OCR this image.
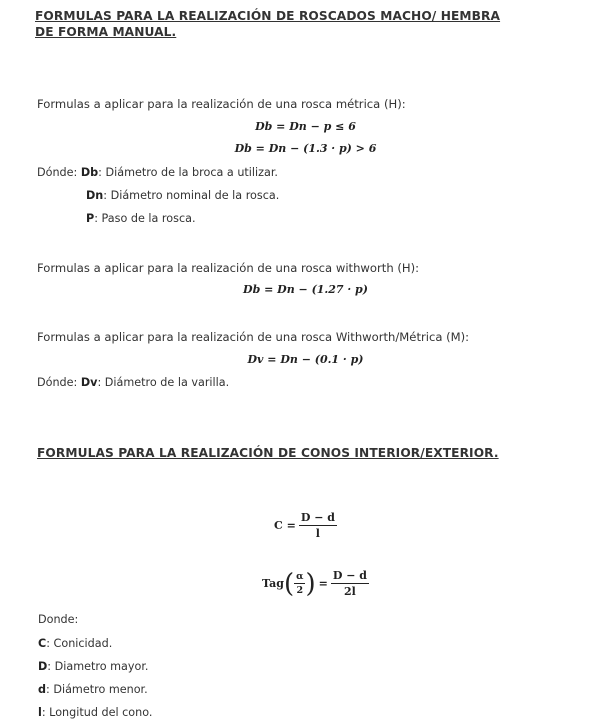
FORMULAS PARA LA REALIZACIÓN DE ROSCADOS MACHO/ HEMBRA
DE FORMA MANUAL.
Formulas a aplicar para la realización de una rosca métrica (H):
Db = Dn − p ≤ 6
Db = Dn − (1.3 · p) > 6
Dónde: Db: Diámetro de la broca a utilizar.
Dn: Diámetro nominal de la rosca.
P: Paso de la rosca.
Formulas a aplicar para la realización de una rosca withworth (H):
Db = Dn − (1.27 · p)
Formulas a aplicar para la realización de una rosca Withworth/Métrica (M):
Dv = Dn − (0.1 · p)
Dónde: Dv: Diámetro de la varilla.
FORMULAS PARA LA REALIZACIÓN DE CONOS INTERIOR/EXTERIOR.
$C = \frac{D - d}{l}$
Tag ( $\frac{\alpha}{2}$ ) = $\frac{D - d}{2l}$
Donde:
C: Conicidad.
D: Diametro mayor.
d: Diámetro menor.
l: Longitud del cono.
